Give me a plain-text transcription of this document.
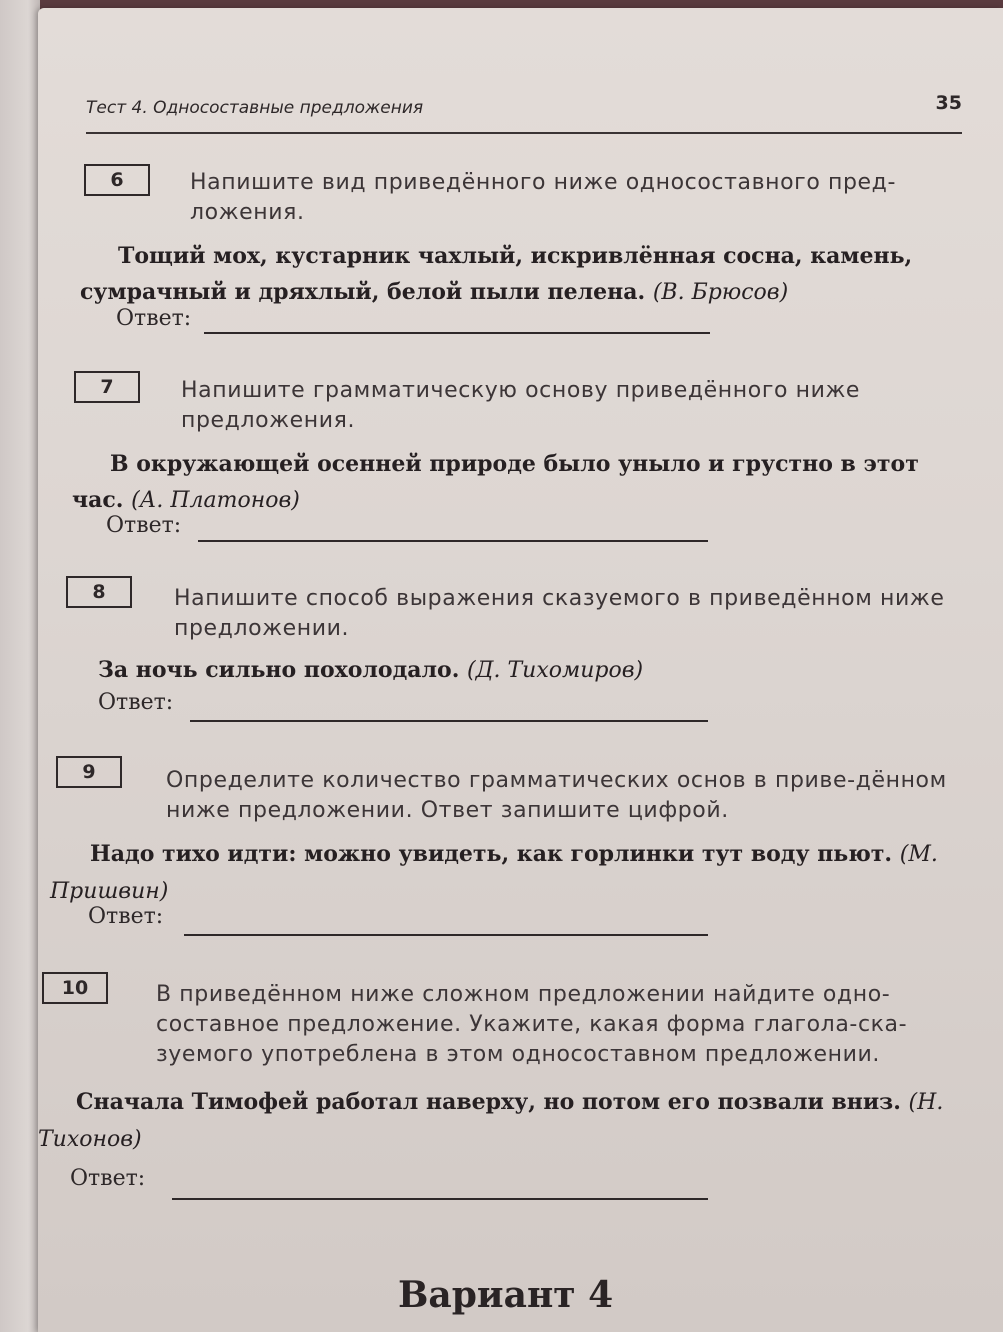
Тест 4. Односоставные предложения	35
6	Напишите вид приведённого ниже односоставного пред-ложения.
Тощий мох, кустарник чахлый, искривлённая сосна, камень, сумрачный и дряхлый, белой пыли пелена. (В. Брюсов)
Ответ:
7	Напишите грамматическую основу приведённого ниже предложения.
В окружающей осенней природе было уныло и грустно в этот час. (А. Платонов)
Ответ:
8	Напишите способ выражения сказуемого в приведённом ниже предложении.
За ночь сильно похолодало. (Д. Тихомиров)
Ответ:
9	Определите количество грамматических основ в приве-дённом ниже предложении. Ответ запишите цифрой.
Надо тихо идти: можно увидеть, как горлинки тут воду пьют. (М. Пришвин)
Ответ:
10	В приведённом ниже сложном предложении найдите одно-составное предложение. Укажите, какая форма глагола-ска-зуемого употреблена в этом односоставном предложении.
Сначала Тимофей работал наверху, но потом его позвали вниз. (Н. Тихонов)
Ответ:
Вариант 4
